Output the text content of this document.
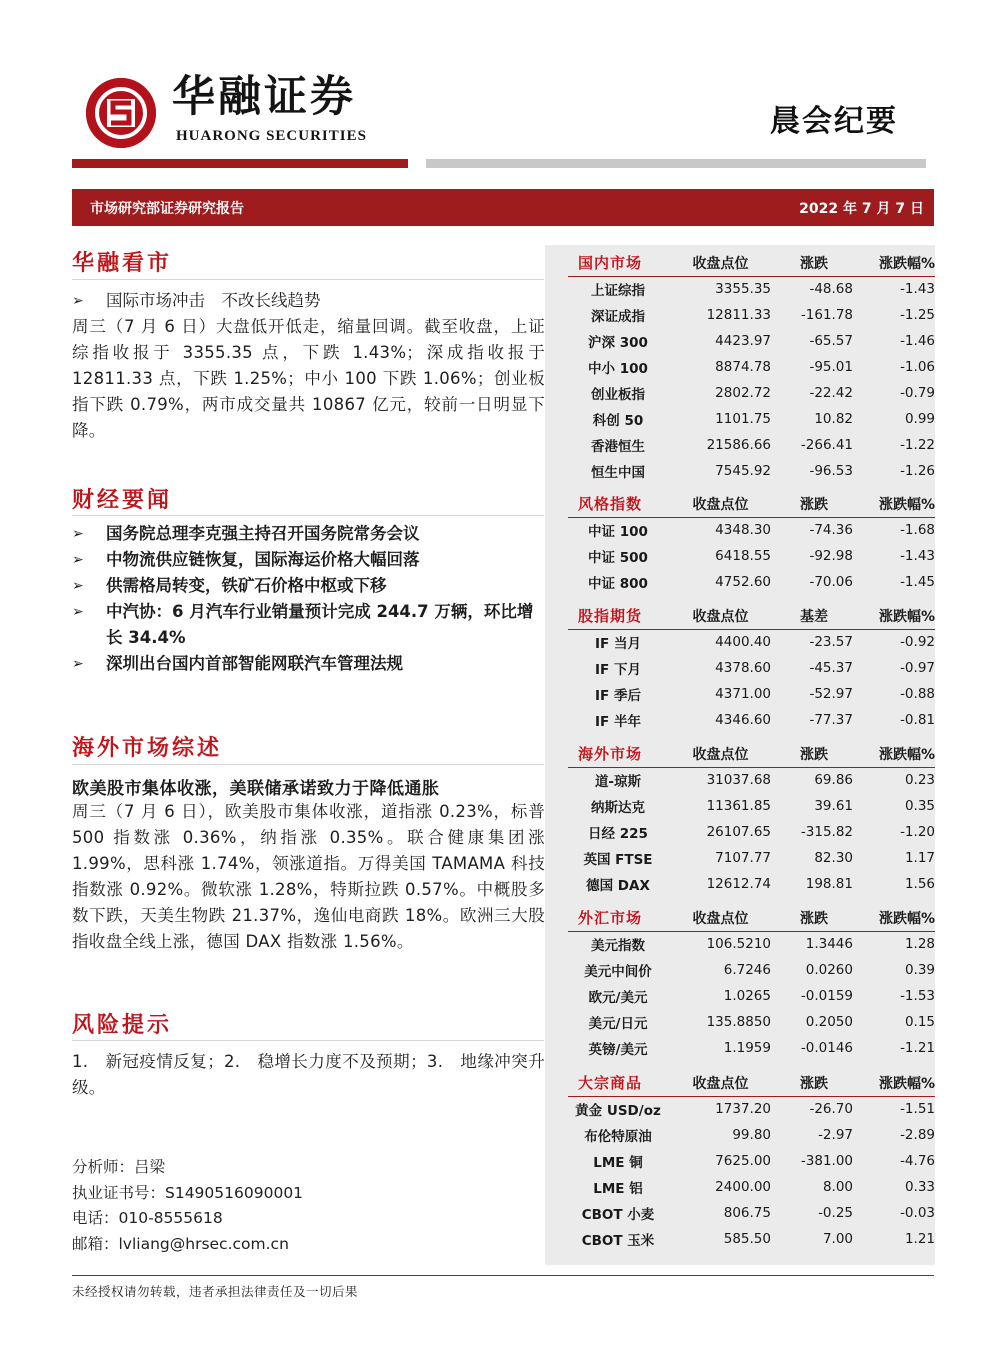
华融证券
HUARONG SECURITIES	晨会纪要
市场研究部证券研究报告	2022 年 7 月 7 日
华融看市
➢	国际市场冲击　不改长线趋势
周三（7 月 6 日）大盘低开低走，缩量回调。截至收盘，上证综指收报于 3355.35 点，下跌 1.43%；深成指收报于 12811.33 点，下跌 1.25%；中小 100 下跌 1.06%；创业板指下跌 0.79%，两市成交量共 10867 亿元，较前一日明显下降。
财经要闻
➢	国务院总理李克强主持召开国务院常务会议
➢	中物流供应链恢复，国际海运价格大幅回落
➢	供需格局转变，铁矿石价格中枢或下移
➢	中汽协：6 月汽车行业销量预计完成 244.7 万辆，环比增长 34.4%
➢	深圳出台国内首部智能网联汽车管理法规
海外市场综述
欧美股市集体收涨，美联储承诺致力于降低通胀
周三（7 月 6 日），欧美股市集体收涨，道指涨 0.23%，标普 500 指数涨 0.36%，纳指涨 0.35%。联合健康集团涨 1.99%，思科涨 1.74%，领涨道指。万得美国 TAMAMA 科技指数涨 0.92%。微软涨 1.28%，特斯拉跌 0.57%。中概股多数下跌，天美生物跌 21.37%，逸仙电商跌 18%。欧洲三大股指收盘全线上涨，德国 DAX 指数涨 1.56%。
风险提示
1.　新冠疫情反复；2.　稳增长力度不及预期；3.　地缘冲突升级。
分析师：吕梁
执业证书号：S1490516090001
电话：010-8555618
邮箱：lvliang@hrsec.com.cn
国内市场	收盘点位	涨跌	涨跌幅%
上证综指	3355.35	-48.68	-1.43
深证成指	12811.33	-161.78	-1.25
沪深 300	4423.97	-65.57	-1.46
中小 100	8874.78	-95.01	-1.06
创业板指	2802.72	-22.42	-0.79
科创 50	1101.75	10.82	0.99
香港恒生	21586.66	-266.41	-1.22
恒生中国	7545.92	-96.53	-1.26
风格指数	收盘点位	涨跌	涨跌幅%
中证 100	4348.30	-74.36	-1.68
中证 500	6418.55	-92.98	-1.43
中证 800	4752.60	-70.06	-1.45
股指期货	收盘点位	基差	涨跌幅%
IF 当月	4400.40	-23.57	-0.92
IF 下月	4378.60	-45.37	-0.97
IF 季后	4371.00	-52.97	-0.88
IF 半年	4346.60	-77.37	-0.81
海外市场	收盘点位	涨跌	涨跌幅%
道-琼斯	31037.68	69.86	0.23
纳斯达克	11361.85	39.61	0.35
日经 225	26107.65	-315.82	-1.20
英国 FTSE	7107.77	82.30	1.17
德国 DAX	12612.74	198.81	1.56
外汇市场	收盘点位	涨跌	涨跌幅%
美元指数	106.5210	1.3446	1.28
美元中间价	6.7246	0.0260	0.39
欧元/美元	1.0265	-0.0159	-1.53
美元/日元	135.8850	0.2050	0.15
英镑/美元	1.1959	-0.0146	-1.21
大宗商品	收盘点位	涨跌	涨跌幅%
黄金 USD/oz	1737.20	-26.70	-1.51
布伦特原油	99.80	-2.97	-2.89
LME 铜	7625.00	-381.00	-4.76
LME 铝	2400.00	8.00	0.33
CBOT 小麦	806.75	-0.25	-0.03
CBOT 玉米	585.50	7.00	1.21
未经授权请勿转载，违者承担法律责任及一切后果
